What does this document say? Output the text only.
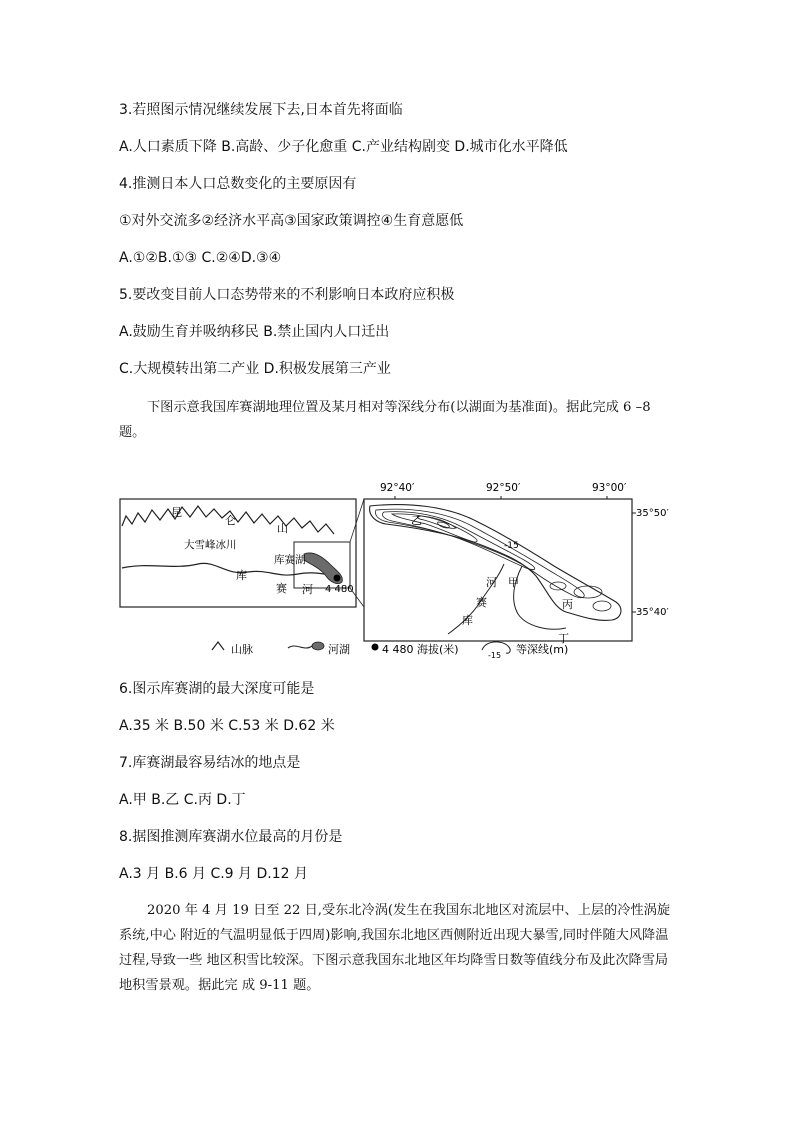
3.若照图示情况继续发展下去,日本首先将面临
A.人口素质下降 B.高龄、少子化愈重 C.产业结构剧变 D.城市化水平降低
4.推测日本人口总数变化的主要原因有
①对外交流多②经济水平高③国家政策调控④生育意愿低
A.①②B.①③ C.②④D.③④
5.要改变目前人口态势带来的不利影响日本政府应积极
A.鼓励生育并吸纳移民 B.禁止国内人口迁出
C.大规模转出第二产业 D.积极发展第三产业
下图示意我国库赛湖地理位置及某月相对等深线分布(以湖面为基准面)。据此完成 6 –8 题。
昆
仑
山
大雪峰冰川
库赛湖
库
赛 河 4 480
92°40′	92°50′	93°00′
35°50′
35°40′
乙
-15
河 甲
赛	丙
库
丁
山脉	河湖	4 480 海拔(米)	-15 等深线(m)
6.图示库赛湖的最大深度可能是
A.35 米 B.50 米 C.53 米 D.62 米
7.库赛湖最容易结冰的地点是
A.甲 B.乙 C.丙 D.丁
8.据图推测库赛湖水位最高的月份是
A.3 月 B.6 月 C.9 月 D.12 月
2020 年 4 月 19 日至 22 日,受东北冷涡(发生在我国东北地区对流层中、上层的冷性涡旋系统,中心 附近的气温明显低于四周)影响,我国东北地区西侧附近出现大暴雪,同时伴随大风降温过程,导致一些 地区积雪比较深。下图示意我国东北地区年均降雪日数等值线分布及此次降雪局地积雪景观。据此完 成 9-11 题。
